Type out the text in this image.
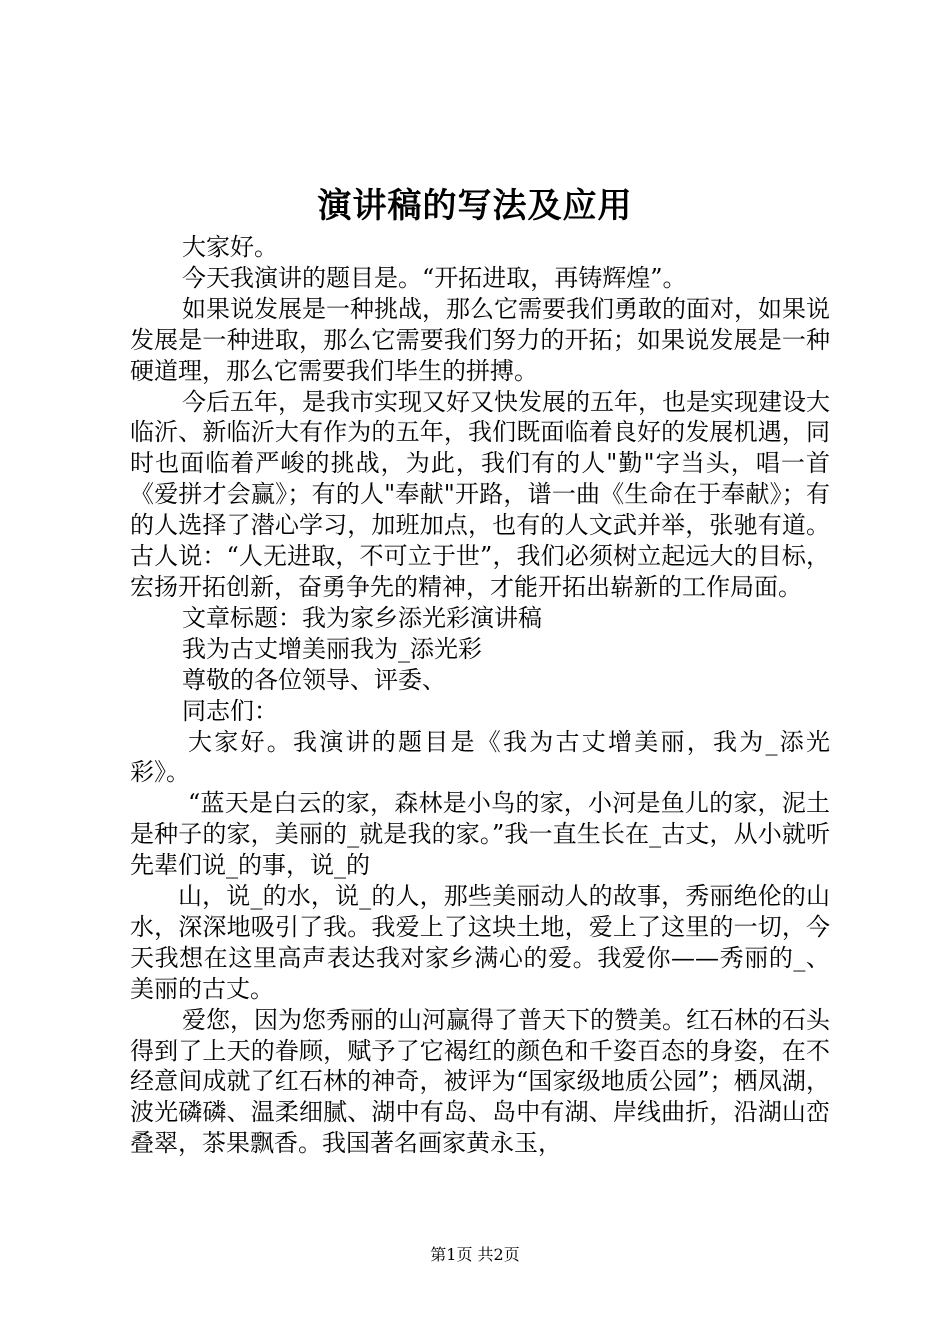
演讲稿的写法及应用

大家好。

今天我演讲的题目是。“开拓进取，再铸辉煌”。

如果说发展是一种挑战，那么它需要我们勇敢的面对，如果说发展是一种进取，那么它需要我们努力的开拓；如果说发展是一种硬道理，那么它需要我们毕生的拼搏。

今后五年，是我市实现又好又快发展的五年，也是实现建设大临沂、新临沂大有作为的五年，我们既面临着良好的发展机遇，同时也面临着严峻的挑战，为此，我们有的人"勤"字当头，唱一首《爱拼才会赢》；有的人"奉献"开路，谱一曲《生命在于奉献》；有的人选择了潜心学习，加班加点，也有的人文武并举，张驰有道。古人说：“人无进取，不可立于世”，我们必须树立起远大的目标，宏扬开拓创新，奋勇争先的精神，才能开拓出崭新的工作局面。

文章标题：我为家乡添光彩演讲稿

我为古丈增美丽我为_添光彩

尊敬的各位领导、评委、

同志们：

大家好。我演讲的题目是《我为古丈增美丽，我为_添光彩》。

“蓝天是白云的家，森林是小鸟的家，小河是鱼儿的家，泥土是种子的家，美丽的_就是我的家。”我一直生长在_古丈，从小就听先辈们说_的事，说_的

山，说_的水，说_的人，那些美丽动人的故事，秀丽绝伦的山水，深深地吸引了我。我爱上了这块土地，爱上了这里的一切，今天我想在这里高声表达我对家乡满心的爱。我爱你——秀丽的_、美丽的古丈。

爱您，因为您秀丽的山河赢得了普天下的赞美。红石林的石头得到了上天的眷顾，赋予了它褐红的颜色和千姿百态的身姿，在不经意间成就了红石林的神奇，被评为“国家级地质公园”；栖凤湖，波光磷磷、温柔细腻、湖中有岛、岛中有湖、岸线曲折，沿湖山峦叠翠，茶果飘香。我国著名画家黄永玉，

第1页 共2页
